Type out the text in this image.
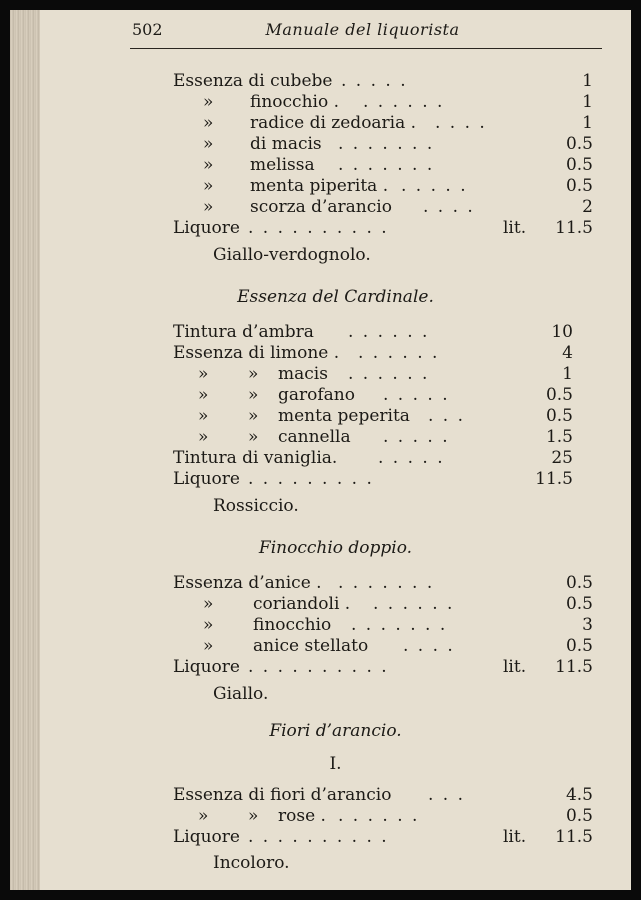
502	Manuale del liquorista
Essenza di cubebe . . . . .	1
» finocchio . . . . . . .	1
» radice di zedoaria . . . . .	1
» di macis . . . . . . .	0.5
» melissa . . . . . . .	0.5
» menta piperita . . . . . .	0.5
» scorza d’arancio . . . .	2
Liquore . . . . . . . . . .	lit.	11.5
Giallo-verdognolo.
Essenza del Cardinale.
Tintura d’ambra . . . . . .	10
Essenza di limone . . . . . . .	4
» » macis . . . . . .	1
» » garofano . . . . .	0.5
» » menta peperita . . .	0.5
» » cannella . . . . .	1.5
Tintura di vaniglia. . . . . .	25
Liquore . . . . . . . . .	11.5
Rossiccio.
Finocchio doppio.
Essenza d’anice . . . . . . . .	0.5
» coriandoli . . . . . . .	0.5
» finocchio . . . . . . .	3
» anice stellato . . . .	0.5
Liquore . . . . . . . . . .	lit.	11.5
Giallo.
Fiori d’arancio.
I.
Essenza di fiori d’arancio . . .	4.5
» » rose . . . . . . .	0.5
Liquore . . . . . . . . . .	lit.	11.5
Incoloro.
